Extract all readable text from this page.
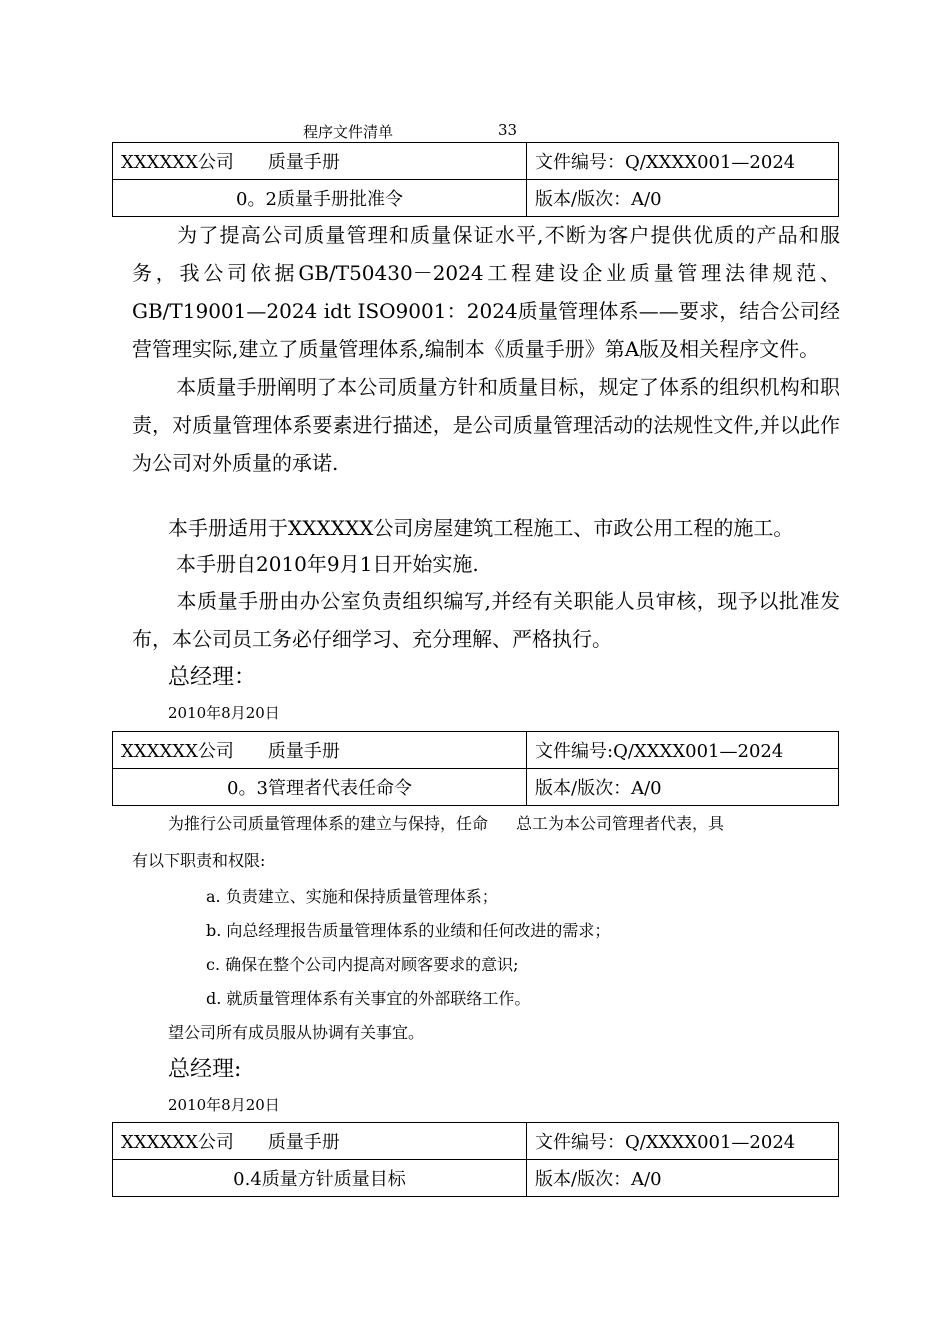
程序文件清单	33
XXXXXX公司 质量手册	文件编号：Q/XXXX001—2024
0。2质量手册批准令	版本/版次：A/0
为了提高公司质量管理和质量保证水平,不断为客户提供优质的产品和服务，我公司依据GB/T50430－2024工程建设企业质量管理法律规范、GB/T19001—2024 idt ISO9001：2024质量管理体系——要求，结合公司经营管理实际,建立了质量管理体系,编制本《质量手册》第A版及相关程序文件。
本质量手册阐明了本公司质量方针和质量目标，规定了体系的组织机构和职责，对质量管理体系要素进行描述，是公司质量管理活动的法规性文件,并以此作为公司对外质量的承诺.
本手册适用于XXXXXX公司房屋建筑工程施工、市政公用工程的施工。
本手册自2010年9月1日开始实施.
本质量手册由办公室负责组织编写,并经有关职能人员审核，现予以批准发布，本公司员工务必仔细学习、充分理解、严格执行。
总经理：
2010年8月20日
XXXXXX公司 质量手册	文件编号:Q/XXXX001—2024
0。3管理者代表任命令	版本/版次：A/0
为推行公司质量管理体系的建立与保持，任命 总工为本公司管理者代表，具
有以下职责和权限:
a. 负责建立、实施和保持质量管理体系；
b. 向总经理报告质量管理体系的业绩和任何改进的需求；
c. 确保在整个公司内提高对顾客要求的意识;
d. 就质量管理体系有关事宜的外部联络工作。
望公司所有成员服从协调有关事宜。
总经理:
2010年8月20日
XXXXXX公司 质量手册	文件编号：Q/XXXX001—2024
0.4质量方针质量目标	版本/版次：A/0
